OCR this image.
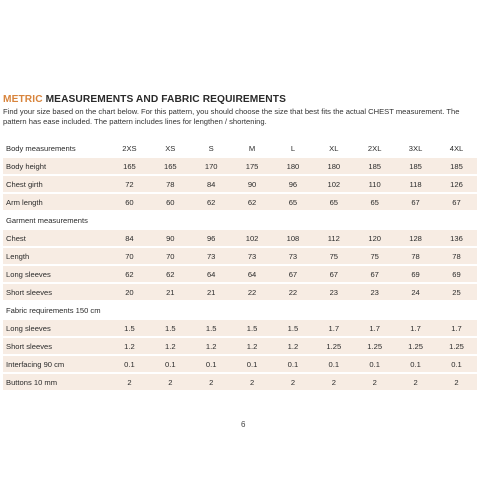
METRIC MEASUREMENTS AND FABRIC REQUIREMENTS
Find your size based on the chart below. For this pattern, you should choose the size that best fits the actual CHEST measurement. The pattern has ease included. The pattern includes lines for lengthen / shortening.
Body measurements	2XS	XS	S	M	L	XL	2XL	3XL	4XL
Body height	165	165	170	175	180	180	185	185	185
Chest girth	72	78	84	90	96	102	110	118	126
Arm length	60	60	62	62	65	65	65	67	67
Garment measurements									
Chest	84	90	96	102	108	112	120	128	136
Length	70	70	73	73	73	75	75	78	78
Long sleeves	62	62	64	64	67	67	67	69	69
Short sleeves	20	21	21	22	22	23	23	24	25
Fabric requirements 150 cm									
Long sleeves	1.5	1.5	1.5	1.5	1.5	1.7	1.7	1.7	1.7
Short sleeves	1.2	1.2	1.2	1.2	1.2	1.25	1.25	1.25	1.25
Interfacing 90 cm	0.1	0.1	0.1	0.1	0.1	0.1	0.1	0.1	0.1
Buttons 10 mm	2	2	2	2	2	2	2	2	2
6
